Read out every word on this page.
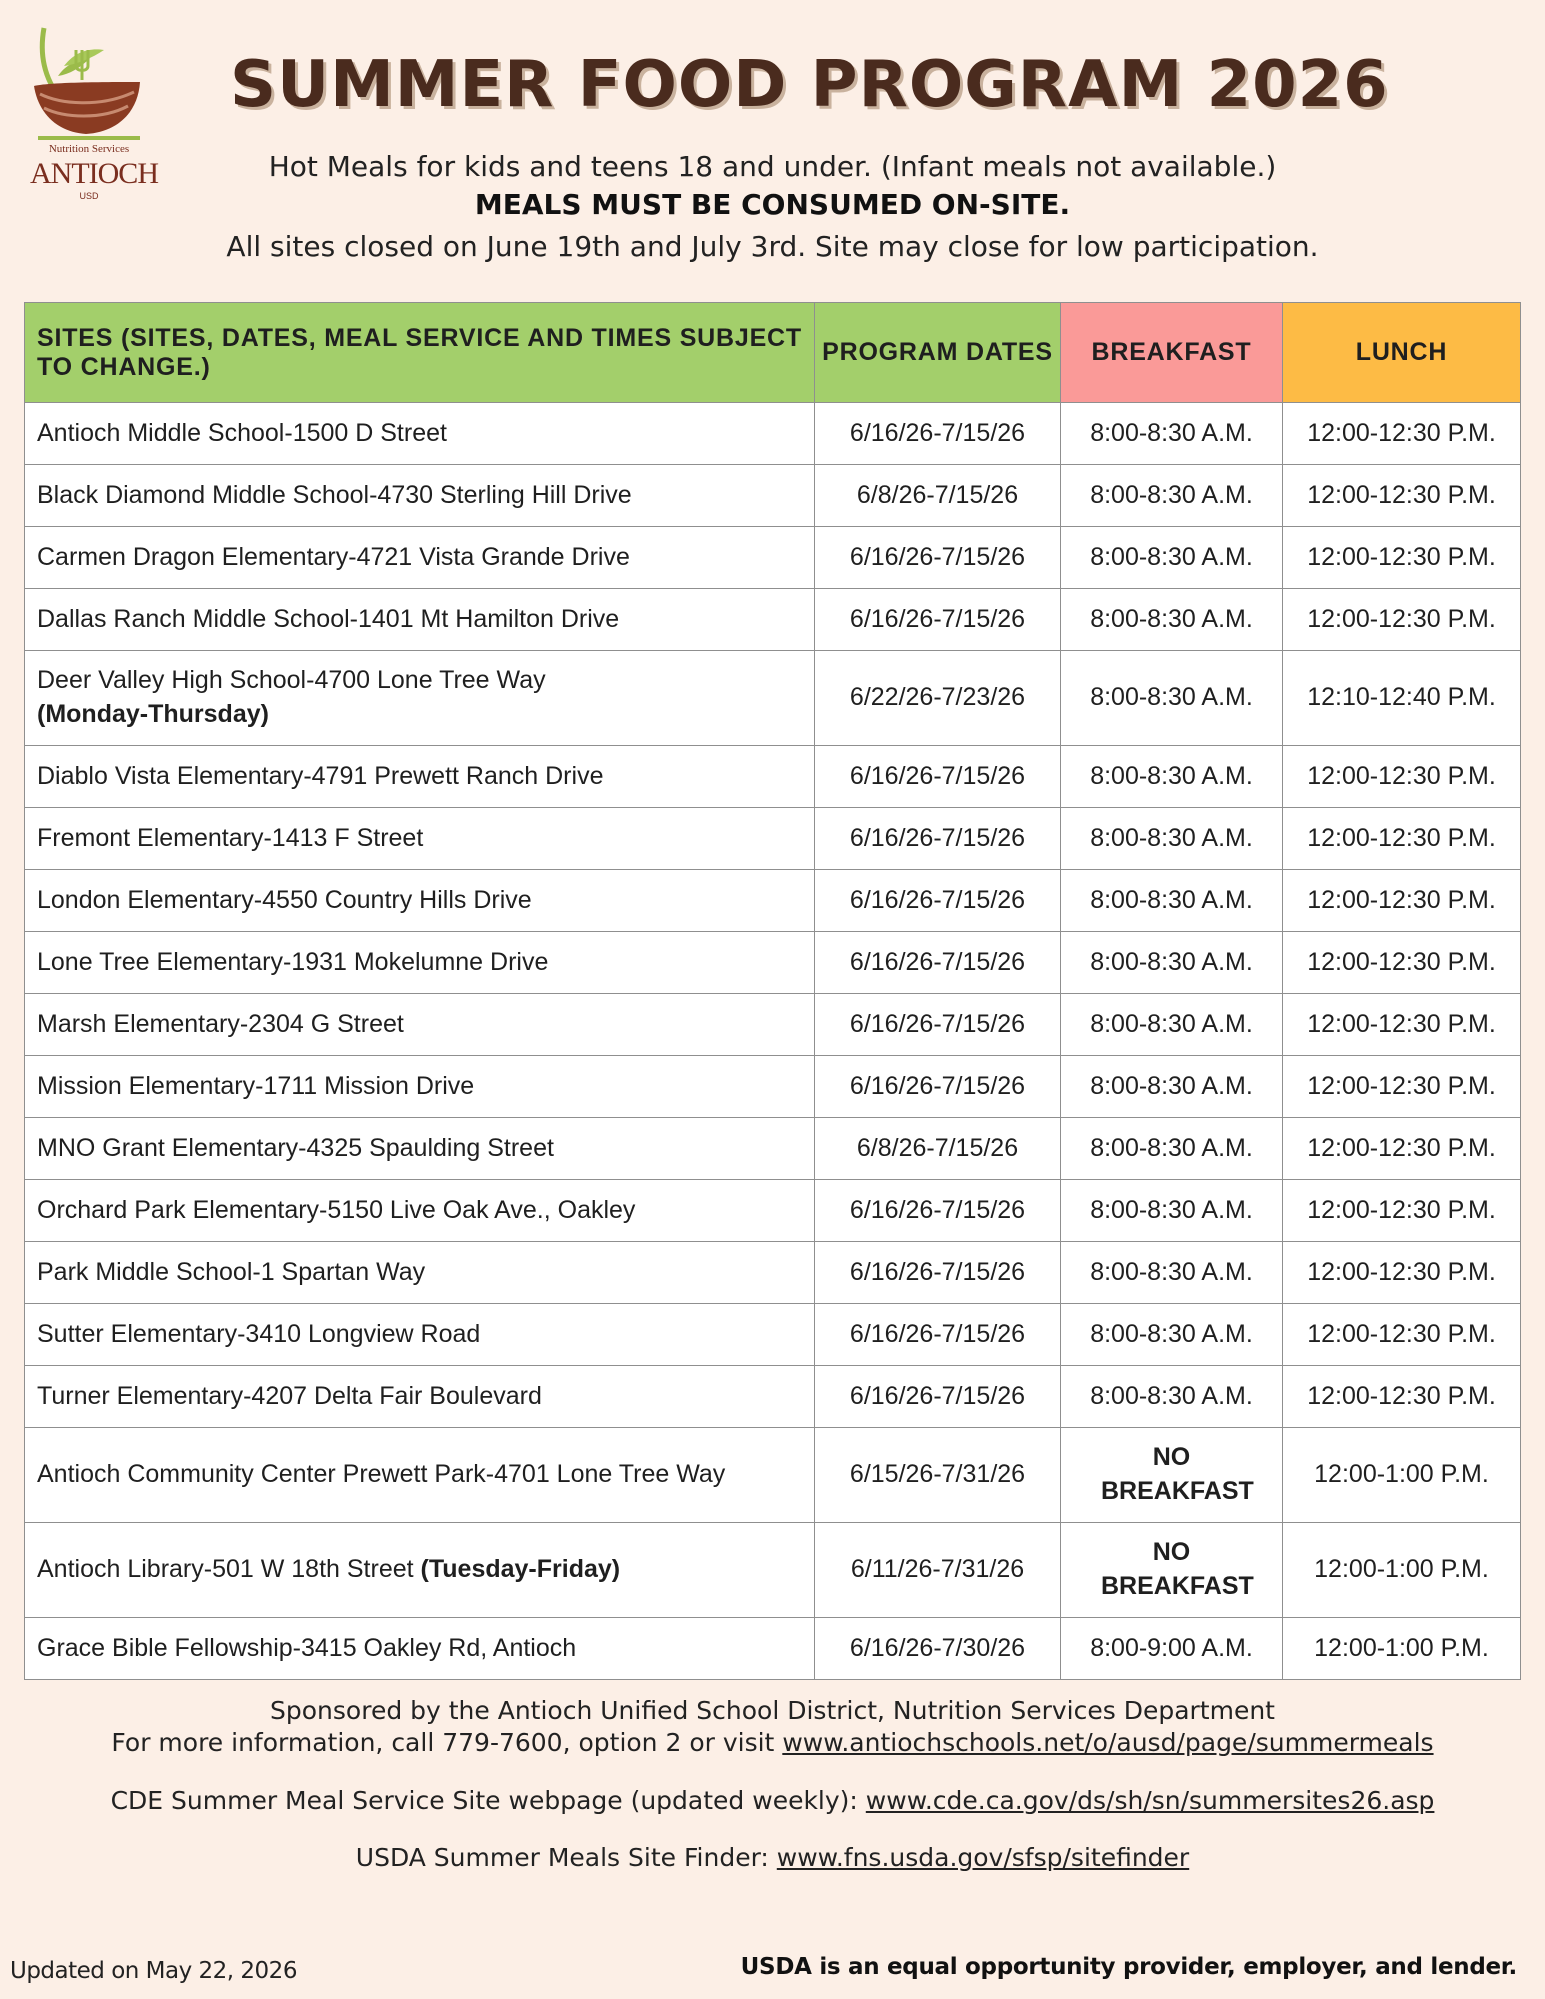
Nutrition Services
ANTIOCH
USD
SUMMER FOOD PROGRAM 2026
Hot Meals for kids and teens 18 and under. (Infant meals not available.)
MEALS MUST BE CONSUMED ON-SITE.
All sites closed on June 19th and July 3rd. Site may close for low participation.
SITES (SITES, DATES, MEAL SERVICE AND TIMES SUBJECT TO CHANGE.)	PROGRAM DATES	BREAKFAST	LUNCH
Antioch Middle School-1500 D Street	6/16/26-7/15/26	8:00-8:30 A.M.	12:00-12:30 P.M.
Black Diamond Middle School-4730 Sterling Hill Drive	6/8/26-7/15/26	8:00-8:30 A.M.	12:00-12:30 P.M.
Carmen Dragon Elementary-4721 Vista Grande Drive	6/16/26-7/15/26	8:00-8:30 A.M.	12:00-12:30 P.M.
Dallas Ranch Middle School-1401 Mt Hamilton Drive	6/16/26-7/15/26	8:00-8:30 A.M.	12:00-12:30 P.M.
Deer Valley High School-4700 Lone Tree Way
(Monday-Thursday)	6/22/26-7/23/26	8:00-8:30 A.M.	12:10-12:40 P.M.
Diablo Vista Elementary-4791 Prewett Ranch Drive	6/16/26-7/15/26	8:00-8:30 A.M.	12:00-12:30 P.M.
Fremont Elementary-1413 F Street	6/16/26-7/15/26	8:00-8:30 A.M.	12:00-12:30 P.M.
London Elementary-4550 Country Hills Drive	6/16/26-7/15/26	8:00-8:30 A.M.	12:00-12:30 P.M.
Lone Tree Elementary-1931 Mokelumne Drive	6/16/26-7/15/26	8:00-8:30 A.M.	12:00-12:30 P.M.
Marsh Elementary-2304 G Street	6/16/26-7/15/26	8:00-8:30 A.M.	12:00-12:30 P.M.
Mission Elementary-1711 Mission Drive	6/16/26-7/15/26	8:00-8:30 A.M.	12:00-12:30 P.M.
MNO Grant Elementary-4325 Spaulding Street	6/8/26-7/15/26	8:00-8:30 A.M.	12:00-12:30 P.M.
Orchard Park Elementary-5150 Live Oak Ave., Oakley	6/16/26-7/15/26	8:00-8:30 A.M.	12:00-12:30 P.M.
Park Middle School-1 Spartan Way	6/16/26-7/15/26	8:00-8:30 A.M.	12:00-12:30 P.M.
Sutter Elementary-3410 Longview Road	6/16/26-7/15/26	8:00-8:30 A.M.	12:00-12:30 P.M.
Turner Elementary-4207 Delta Fair Boulevard	6/16/26-7/15/26	8:00-8:30 A.M.	12:00-12:30 P.M.
Antioch Community Center Prewett Park-4701 Lone Tree Way	6/15/26-7/31/26	NO BREAKFAST	12:00-1:00 P.M.
Antioch Library-501 W 18th Street (Tuesday-Friday)	6/11/26-7/31/26	NO BREAKFAST	12:00-1:00 P.M.
Grace Bible Fellowship-3415 Oakley Rd, Antioch	6/16/26-7/30/26	8:00-9:00 A.M.	12:00-1:00 P.M.
Sponsored by the Antioch Unified School District, Nutrition Services Department
For more information, call 779-7600, option 2 or visit www.antiochschools.net/o/ausd/page/summermeals
CDE Summer Meal Service Site webpage (updated weekly): www.cde.ca.gov/ds/sh/sn/summersites26.asp
USDA Summer Meals Site Finder: www.fns.usda.gov/sfsp/sitefinder
Updated on May 22, 2026	USDA is an equal opportunity provider, employer, and lender.
